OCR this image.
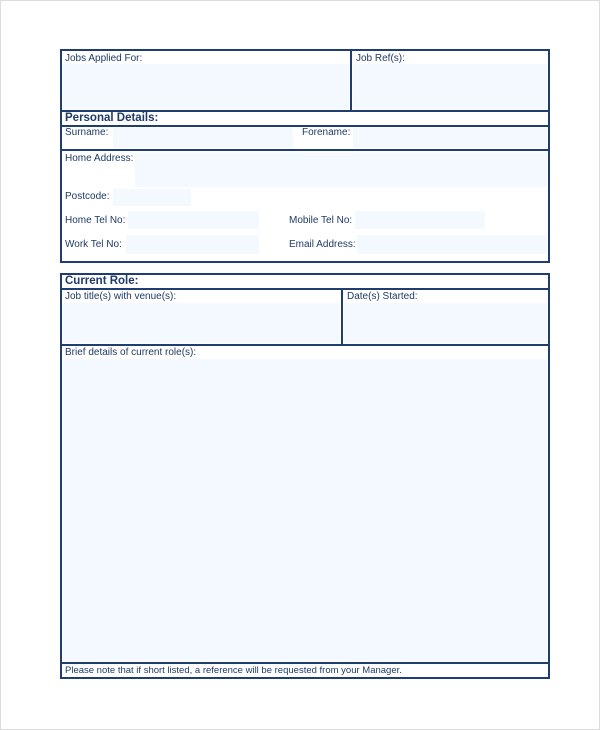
Jobs Applied For:	Job Ref(s):
Personal Details:
Surname:	Forename:
Home Address:
Postcode:
Home Tel No:	Mobile Tel No:
Work Tel No:	Email Address:
Current Role:
Job title(s) with venue(s):	Date(s) Started:
Brief details of current role(s):
Please note that if short listed, a reference will be requested from your Manager.
